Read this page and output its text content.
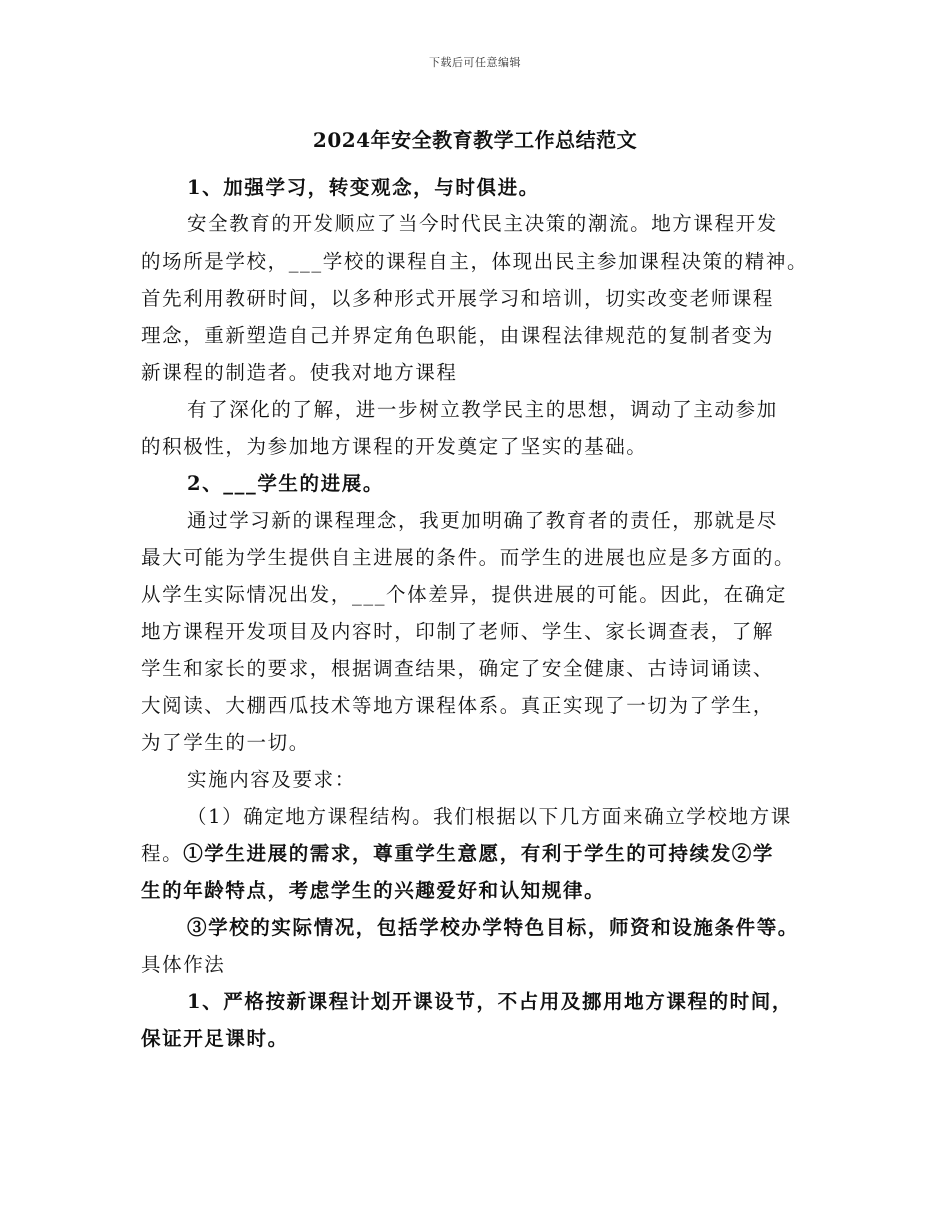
下载后可任意编辑
2024年安全教育教学工作总结范文
1、加强学习，转变观念，与时俱进。
安全教育的开发顺应了当今时代民主决策的潮流。地方课程开发
的场所是学校，___学校的课程自主，体现出民主参加课程决策的精神。
首先利用教研时间，以多种形式开展学习和培训，切实改变老师课程
理念，重新塑造自己并界定角色职能，由课程法律规范的复制者变为
新课程的制造者。使我对地方课程
有了深化的了解，进一步树立教学民主的思想，调动了主动参加
的积极性，为参加地方课程的开发奠定了坚实的基础。
2、___学生的进展。
通过学习新的课程理念，我更加明确了教育者的责任，那就是尽
最大可能为学生提供自主进展的条件。而学生的进展也应是多方面的。
从学生实际情况出发，___个体差异，提供进展的可能。因此，在确定
地方课程开发项目及内容时，印制了老师、学生、家长调查表，了解
学生和家长的要求，根据调查结果，确定了安全健康、古诗词诵读、
大阅读、大棚西瓜技术等地方课程体系。真正实现了一切为了学生，
为了学生的一切。
实施内容及要求：
（1）确定地方课程结构。我们根据以下几方面来确立学校地方课
程。①学生进展的需求，尊重学生意愿，有利于学生的可持续发②学
生的年龄特点，考虑学生的兴趣爱好和认知规律。
③学校的实际情况，包括学校办学特色目标，师资和设施条件等。
具体作法
1、严格按新课程计划开课设节，不占用及挪用地方课程的时间，
保证开足课时。
